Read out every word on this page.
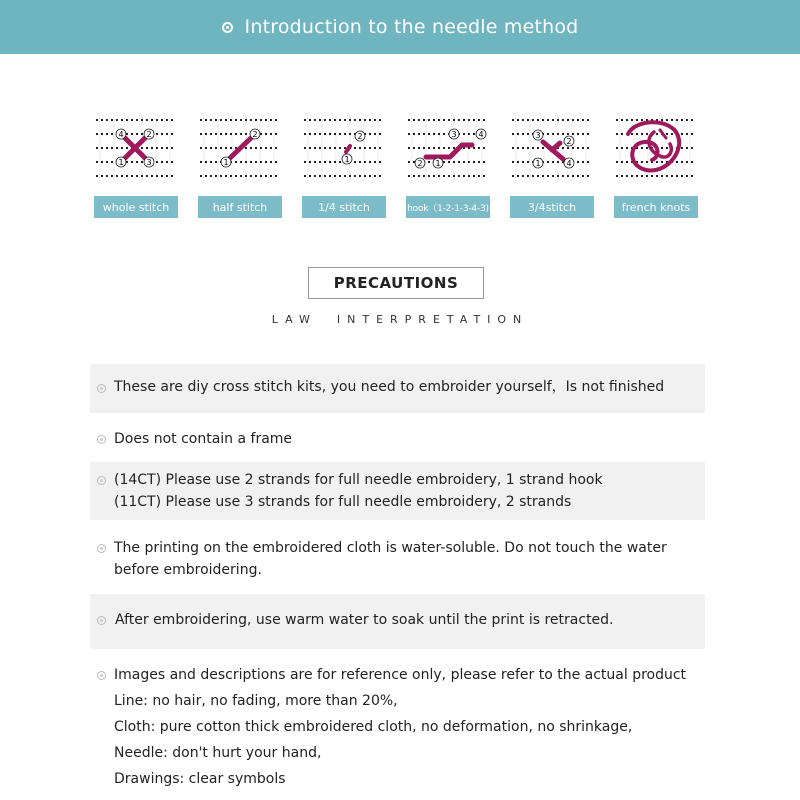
Introduction to the needle method
4	2
1	3
whole stitch
2
1
half stitch
2
1
1/4 stitch
3	4
2 1
hook（1-2-1-3-4-3)
3
2
1	4
3/4stitch	french knots
PRECAUTIONS
LAW INTERPRETATION
These are diy cross stitch kits, you need to embroider yourself，Is not finished
Does not contain a frame
(14CT) Please use 2 strands for full needle embroidery, 1 strand hook
(11CT) Please use 3 strands for full needle embroidery, 2 strands
The printing on the embroidered cloth is water-soluble. Do not touch the water
before embroidering.
After embroidering, use warm water to soak until the print is retracted.
Images and descriptions are for reference only, please refer to the actual product
Line: no hair, no fading, more than 20%,
Cloth: pure cotton thick embroidered cloth, no deformation, no shrinkage,
Needle: don't hurt your hand,
Drawings: clear symbols
